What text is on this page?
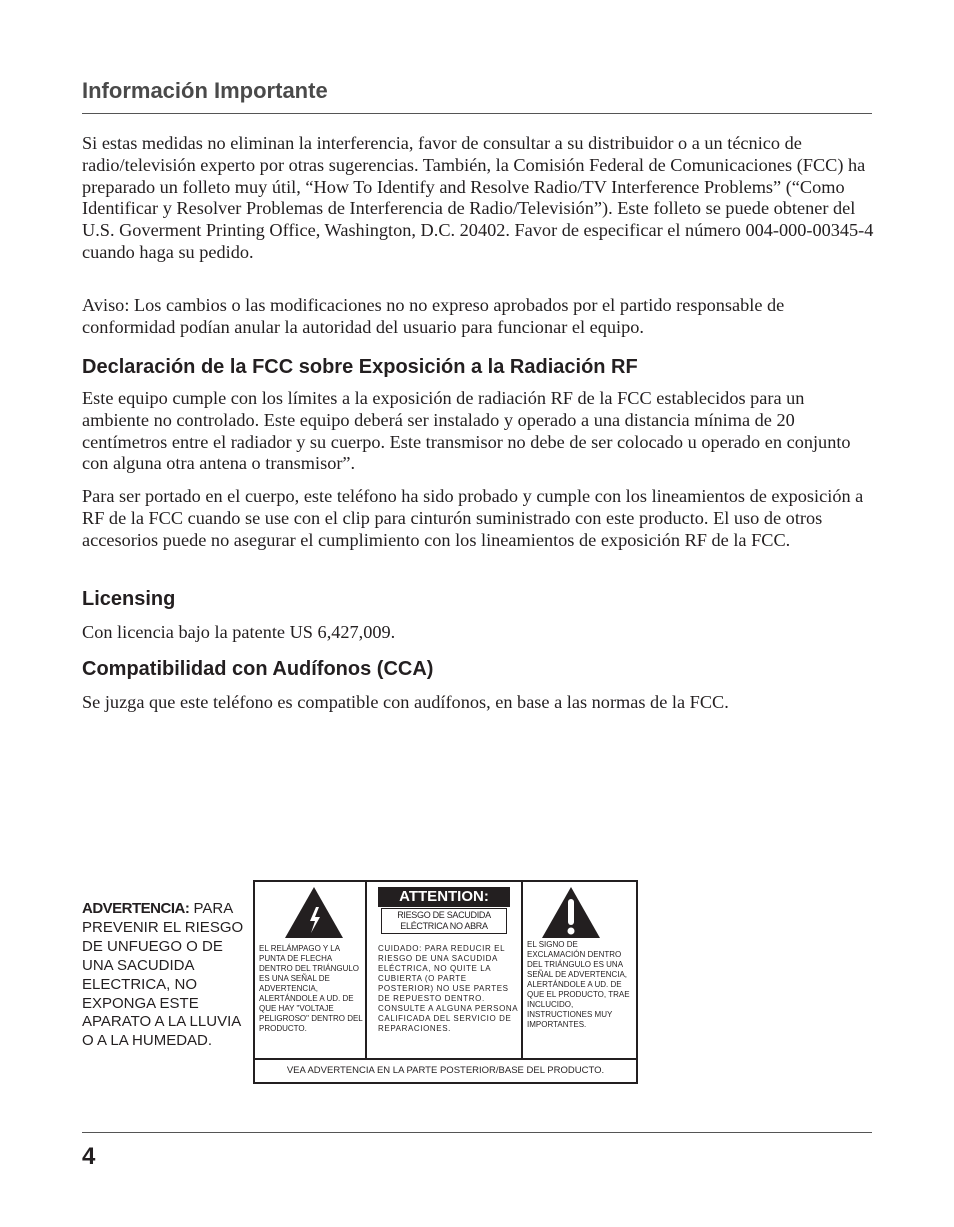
Información Importante

Si estas medidas no eliminan la interferencia, favor de consultar a su distribuidor o a un técnico de radio/televisión experto por otras sugerencias. También, la Comisión Federal de Comunicaciones (FCC) ha preparado un folleto muy útil, “How To Identify and Resolve Radio/TV Interference Problems” (“Como Identificar y Resolver Problemas de Interferencia de Radio/Televisión”). Este folleto se puede obtener del U.S. Goverment Printing Office, Washington, D.C. 20402. Favor de especificar el número 004-000-00345-4 cuando haga su pedido.

Aviso: Los cambios o las modificaciones no no expreso aprobados por el partido responsable de conformidad podían anular la autoridad del usuario para funcionar el equipo.

Declaración de la FCC sobre Exposición a la Radiación RF

Este equipo cumple con los límites a la exposición de radiación RF de la FCC establecidos para un ambiente no controlado. Este equipo deberá ser instalado y operado a una distancia mínima de 20 centímetros entre el radiador y su cuerpo. Este transmisor no debe de ser colocado u operado en conjunto con alguna otra antena o transmisor”.

Para ser portado en el cuerpo, este teléfono ha sido probado y cumple con los lineamientos de exposición a RF de la FCC cuando se use con el clip para cinturón suministrado con este producto. El uso de otros accesorios puede no asegurar el cumplimiento con los lineamientos de exposición RF de la FCC.

Licensing

Con licencia bajo la patente US 6,427,009.

Compatibilidad con Audífonos (CCA)

Se juzga que este teléfono es compatible con audífonos, en base a las normas de la FCC.

ADVERTENCIA: PARA PREVENIR EL RIESGO DE UNFUEGO O DE UNA SACUDIDA ELECTRICA, NO EXPONGA ESTE APARATO A LA LLUVIA O A LA HUMEDAD.
ATTENTION:
RIESGO DE SACUDIDA ELÉCTRICA NO ABRA
EL RELÁMPAGO Y LA PUNTA DE FLECHA DENTRO DEL TRIÁNGULO ES UNA SEÑAL DE ADVERTENCIA, ALERTÁNDOLE A UD. DE QUE HAY "VOLTAJE PELIGROSO" DENTRO DEL PRODUCTO.
CUIDADO: PARA REDUCIR EL RIESGO DE UNA SACUDIDA ELÉCTRICA, NO QUITE LA CUBIERTA (O PARTE POSTERIOR) NO USE PARTES DE REPUESTO DENTRO. CONSULTE A ALGUNA PERSONA CALIFICADA DEL SERVICIO DE REPARACIONES.
EL SIGNO DE EXCLAMACIÓN DENTRO DEL TRIÁNGULO ES UNA SEÑAL DE ADVERTENCIA, ALERTÁNDOLE A UD. DE QUE EL PRODUCTO, TRAE INCLUCIDO, INSTRUCTIONES MUY IMPORTANTES.
VEA ADVERTENCIA EN LA PARTE POSTERIOR/BASE DEL PRODUCTO.
4
